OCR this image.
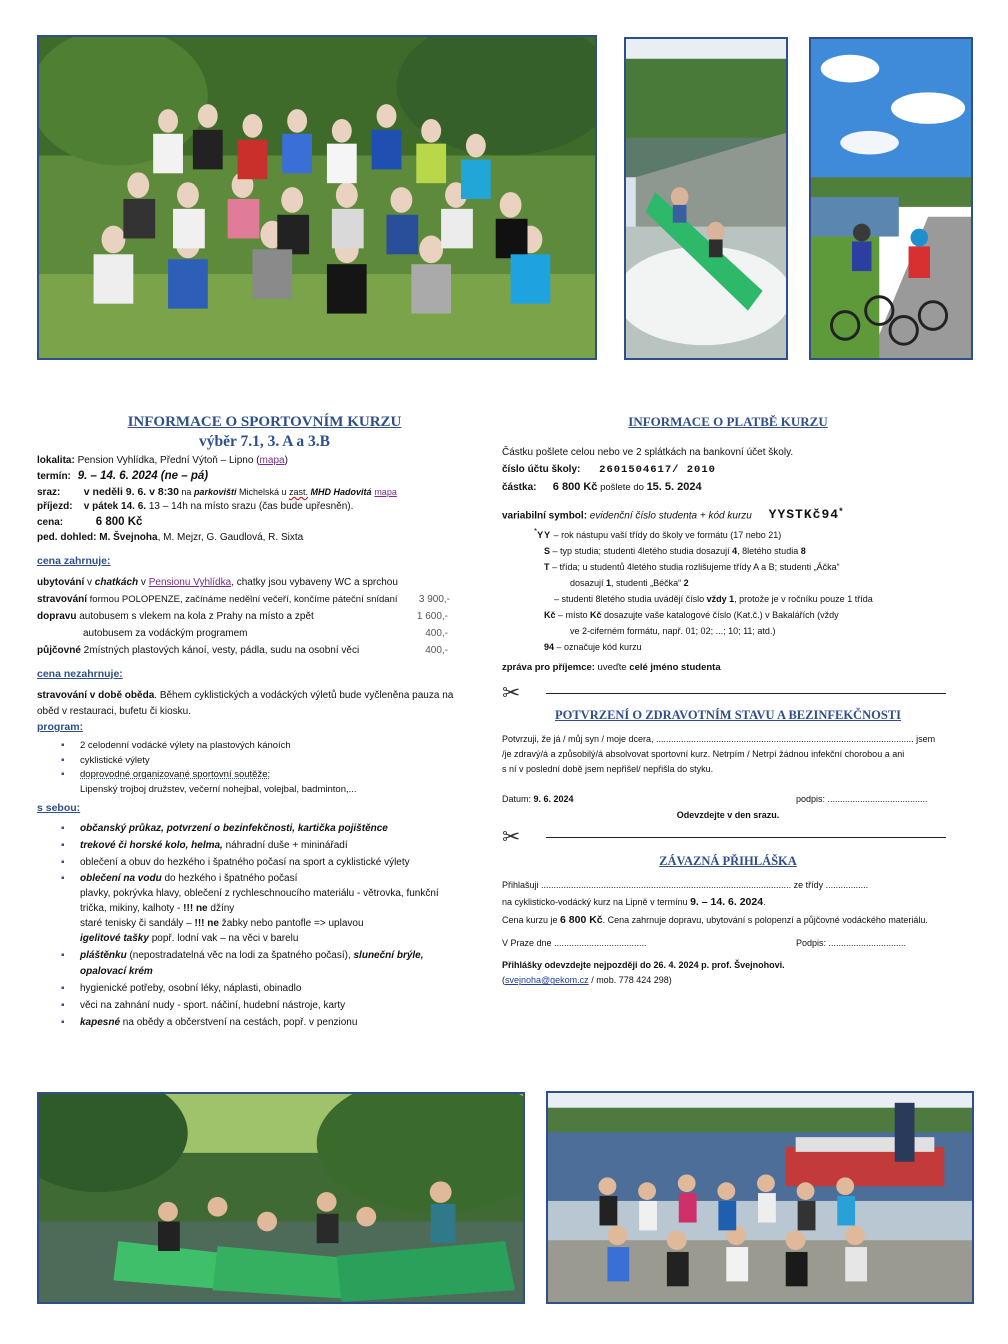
INFORMACE O SPORTOVNÍM KURZU
výběr 7.1, 3. A a 3.B
lokalita: Pension Vyhlídka, Přední Výtoň – Lipno (mapa)
termín: 9. – 14. 6. 2024 (ne – pá)
sraz: v neděli 9. 6. v 8:30 na parkovišti Michelská u zast. MHD Hadovitá mapa
příjezd: v pátek 14. 6. 13 – 14h na místo srazu (čas bude upřesněn).
cena:	6 800 Kč
ped. dohled: M. Švejnoha, M. Mejzr, G. Gaudlová, R. Sixta
cena zahrnuje:
ubytování v chatkách v Pensionu Vyhlídka, chatky jsou vybaveny WC a sprchou
stravování formou POLOPENZE, začínáme nedělní večeří, končíme páteční snídaní 3 900,-
dopravu autobusem s vlekem na kola z Prahy na místo a zpět	1 600,-
autobusem za vodáckým programem	400,-
půjčovné 2místných plastových kánoí, vesty, pádla, sudu na osobní věci	400,-
cena nezahrnuje:
stravování v době oběda. Během cyklistických a vodáckých výletů bude vyčleněna pauza na
oběd v restauraci, bufetu či kiosku.
program:
▪ 2 celodenní vodácké výlety na plastových kánoích
▪ cyklistické výlety
▪ doprovodné organizované sportovní soutěže:
Lipenský trojboj družstev, večerní nohejbal, volejbal, badminton,...
s sebou:
▪ občanský průkaz, potvrzení o bezinfekčnosti, kartička pojištěnce
▪ trekové či horské kolo, helma, náhradní duše + mininářadí
▪ oblečení a obuv do hezkého i špatného počasí na sport a cyklistické výlety
▪ oblečení na vodu do hezkého i špatného počasí
plavky, pokrývka hlavy, oblečení z rychleschnoucího materiálu - větrovka, funkční
trička, mikiny, kalhoty - !!! ne džíny
staré tenisky či sandály – !!! ne žabky nebo pantofle => uplavou
igelitové tašky popř. lodní vak – na věci v barelu
▪ pláštěnku (nepostradatelná věc na lodi za špatného počasí), sluneční brýle,
opalovací krém
▪ hygienické potřeby, osobní léky, náplasti, obinadlo
▪ věci na zahnání nudy - sport. náčiní, hudební nástroje, karty
▪ kapesné na obědy a občerstvení na cestách, popř. v penzionu
INFORMACE O PLATBĚ KURZU
Částku pošlete celou nebo ve 2 splátkách na bankovní účet školy.
číslo účtu školy: 2601504617/ 2010
částka: 6 800 Kč pošlete do 15. 5. 2024
variabilní symbol: evidenční číslo studenta + kód kurzu YYSTKč94*
*YY – rok nástupu vaší třídy do školy ve formátu (17 nebo 21)
S – typ studia; studenti 4letého studia dosazují 4, 8letého studia 8
T – třída; u studentů 4letého studia rozlišujeme třídy A a B; studenti „Áčka“
dosazují 1, studenti „Béčka“ 2
– studenti 8letého studia uvádějí číslo vždy 1, protože je v ročníku pouze 1 třída
Kč – místo Kč dosazujte vaše katalogové číslo (Kat.č.) v Bakalářích (vždy
ve 2-ciferném formátu, např. 01; 02; ...; 10; 11; atd.)
94 – označuje kód kurzu
zpráva pro příjemce: uveďte celé jméno studenta
✂
POTVRZENÍ O ZDRAVOTNÍM STAVU A BEZINFEKČNOSTI
Potvrzuji, že já / můj syn / moje dcera, ....................................................................................................... jsem
/je zdravý/á a způsobilý/á absolvovat sportovní kurz. Netrpím / Netrpí žádnou infekční chorobou a ani
s ní v poslední době jsem nepřišel/ nepřišla do styku.
Datum: 9. 6. 2024	podpis: ........................................
Odevzdejte v den srazu.
✂
ZÁVAZNÁ PŘIHLÁŠKA
Přihlašuji .................................................................................................... ze třídy .................
na cyklisticko-vodácký kurz na Lipně v termínu 9. – 14. 6. 2024.
Cena kurzu je 6 800 Kč. Cena zahrnuje dopravu, ubytování s polopenzí a půjčovné vodáckého materiálu.
V Praze dne .....................................	Podpis: ...............................
Přihlášky odevzdejte nejpozději do 26. 4. 2024 p. prof. Švejnohovi.
(svejnoha@gekom.cz / mob. 778 424 298)
